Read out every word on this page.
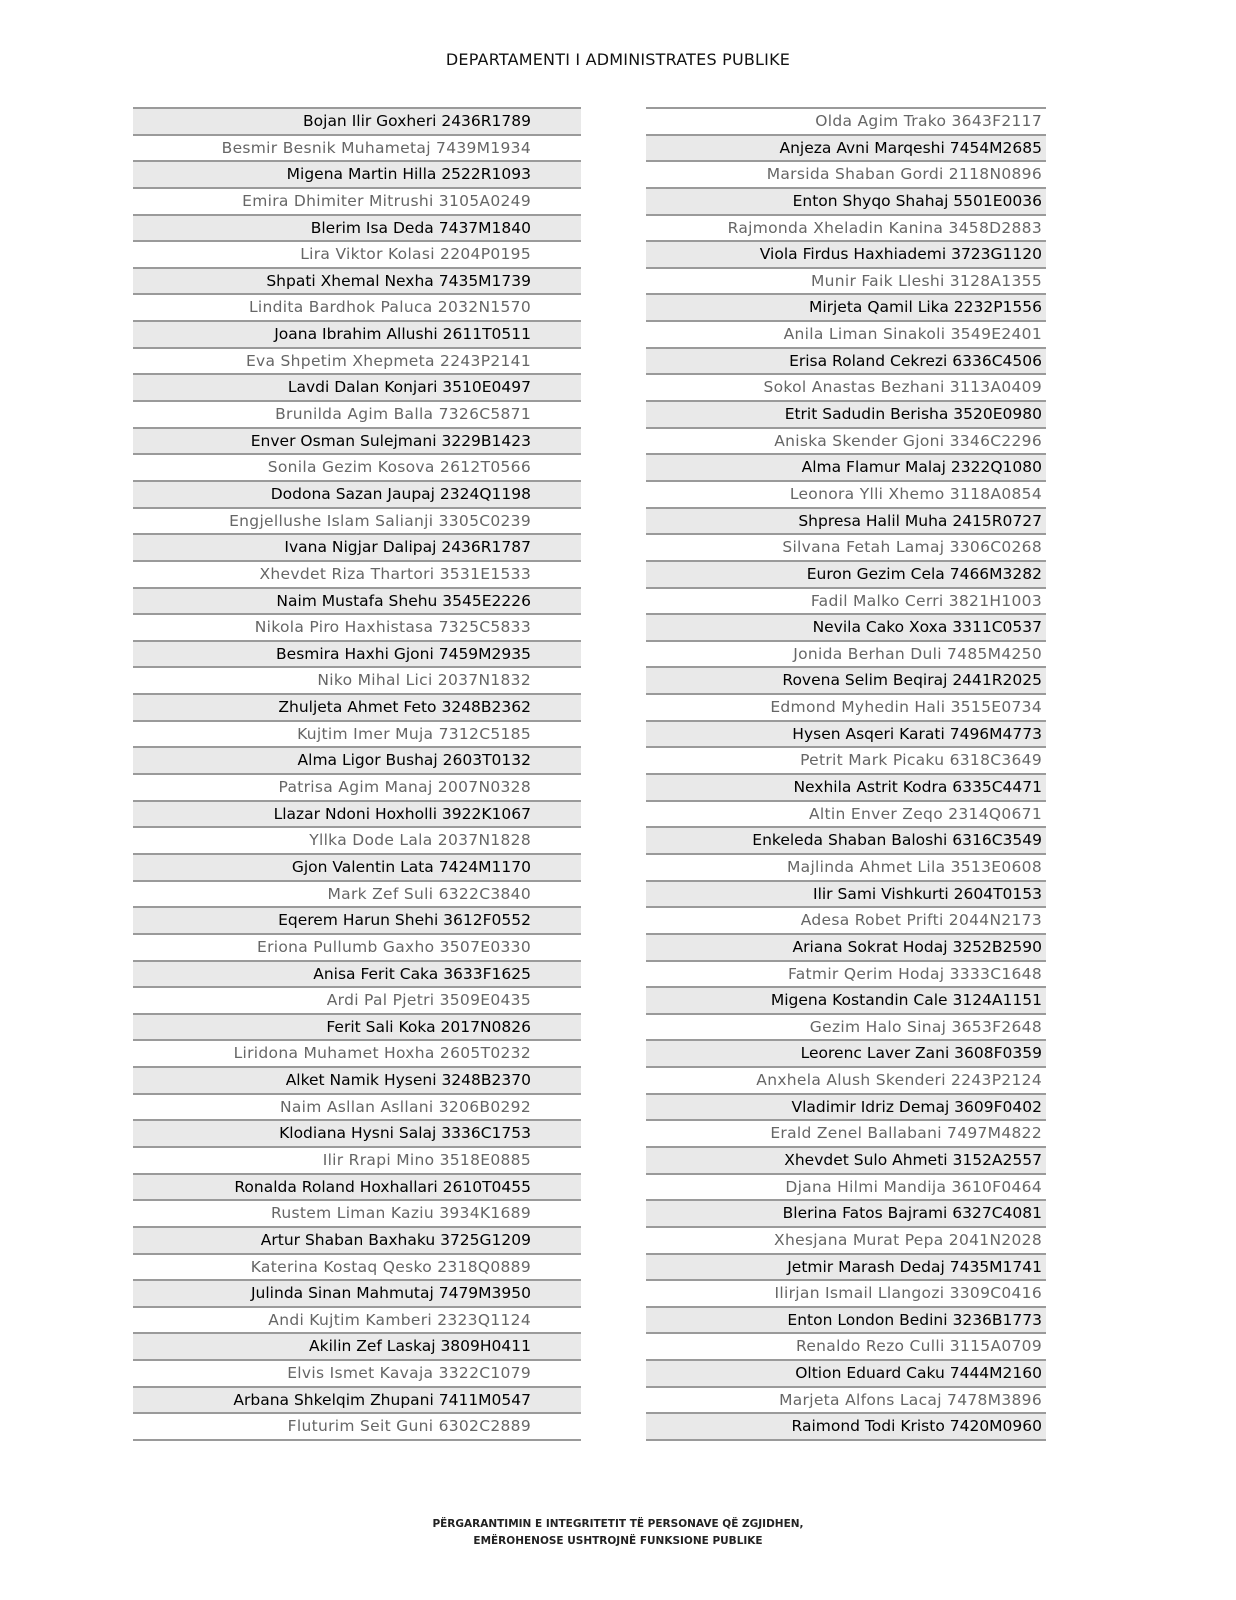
DEPARTAMENTI I ADMINISTRATES PUBLIKE
Bojan Ilir Goxheri 2436R1789
Besmir Besnik Muhametaj 7439M1934
Migena Martin Hilla 2522R1093
Emira Dhimiter Mitrushi 3105A0249
Blerim Isa Deda 7437M1840
Lira Viktor Kolasi 2204P0195
Shpati Xhemal Nexha 7435M1739
Lindita Bardhok Paluca 2032N1570
Joana Ibrahim Allushi 2611T0511
Eva Shpetim Xhepmeta 2243P2141
Lavdi Dalan Konjari 3510E0497
Brunilda Agim Balla 7326C5871
Enver Osman Sulejmani 3229B1423
Sonila Gezim Kosova 2612T0566
Dodona Sazan Jaupaj 2324Q1198
Engjellushe Islam Salianji 3305C0239
Ivana Nigjar Dalipaj 2436R1787
Xhevdet Riza Thartori 3531E1533
Naim Mustafa Shehu 3545E2226
Nikola Piro Haxhistasa 7325C5833
Besmira Haxhi Gjoni 7459M2935
Niko Mihal Lici 2037N1832
Zhuljeta Ahmet Feto 3248B2362
Kujtim Imer Muja 7312C5185
Alma Ligor Bushaj 2603T0132
Patrisa Agim Manaj 2007N0328
Llazar Ndoni Hoxholli 3922K1067
Yllka Dode Lala 2037N1828
Gjon Valentin Lata 7424M1170
Mark Zef Suli 6322C3840
Eqerem Harun Shehi 3612F0552
Eriona Pullumb Gaxho 3507E0330
Anisa Ferit Caka 3633F1625
Ardi Pal Pjetri 3509E0435
Ferit Sali Koka 2017N0826
Liridona Muhamet Hoxha 2605T0232
Alket Namik Hyseni 3248B2370
Naim Asllan Asllani 3206B0292
Klodiana Hysni Salaj 3336C1753
Ilir Rrapi Mino 3518E0885
Ronalda Roland Hoxhallari 2610T0455
Rustem Liman Kaziu 3934K1689
Artur Shaban Baxhaku 3725G1209
Katerina Kostaq Qesko 2318Q0889
Julinda Sinan Mahmutaj 7479M3950
Andi Kujtim Kamberi 2323Q1124
Akilin Zef Laskaj 3809H0411
Elvis Ismet Kavaja 3322C1079
Arbana Shkelqim Zhupani 7411M0547
Fluturim Seit Guni 6302C2889
Olda Agim Trako 3643F2117
Anjeza Avni Marqeshi 7454M2685
Marsida Shaban Gordi 2118N0896
Enton Shyqo Shahaj 5501E0036
Rajmonda Xheladin Kanina 3458D2883
Viola Firdus Haxhiademi 3723G1120
Munir Faik Lleshi 3128A1355
Mirjeta Qamil Lika 2232P1556
Anila Liman Sinakoli 3549E2401
Erisa Roland Cekrezi 6336C4506
Sokol Anastas Bezhani 3113A0409
Etrit Sadudin Berisha 3520E0980
Aniska Skender Gjoni 3346C2296
Alma Flamur Malaj 2322Q1080
Leonora Ylli Xhemo 3118A0854
Shpresa Halil Muha 2415R0727
Silvana Fetah Lamaj 3306C0268
Euron Gezim Cela 7466M3282
Fadil Malko Cerri 3821H1003
Nevila Cako Xoxa 3311C0537
Jonida Berhan Duli 7485M4250
Rovena Selim Beqiraj 2441R2025
Edmond Myhedin Hali 3515E0734
Hysen Asqeri Karati 7496M4773
Petrit Mark Picaku 6318C3649
Nexhila Astrit Kodra 6335C4471
Altin Enver Zeqo 2314Q0671
Enkeleda Shaban Baloshi 6316C3549
Majlinda Ahmet Lila 3513E0608
Ilir Sami Vishkurti 2604T0153
Adesa Robet Prifti 2044N2173
Ariana Sokrat Hodaj 3252B2590
Fatmir Qerim Hodaj 3333C1648
Migena Kostandin Cale 3124A1151
Gezim Halo Sinaj 3653F2648
Leorenc Laver Zani 3608F0359
Anxhela Alush Skenderi 2243P2124
Vladimir Idriz Demaj 3609F0402
Erald Zenel Ballabani 7497M4822
Xhevdet Sulo Ahmeti 3152A2557
Djana Hilmi Mandija 3610F0464
Blerina Fatos Bajrami 6327C4081
Xhesjana Murat Pepa 2041N2028
Jetmir Marash Dedaj 7435M1741
Ilirjan Ismail Llangozi 3309C0416
Enton London Bedini 3236B1773
Renaldo Rezo Culli 3115A0709
Oltion Eduard Caku 7444M2160
Marjeta Alfons Lacaj 7478M3896
Raimond Todi Kristo 7420M0960
PËRGARANTIMIN E INTEGRITETIT TË PERSONAVE QË ZGJIDHEN,
EMËROHENOSE USHTROJNË FUNKSIONE PUBLIKE
